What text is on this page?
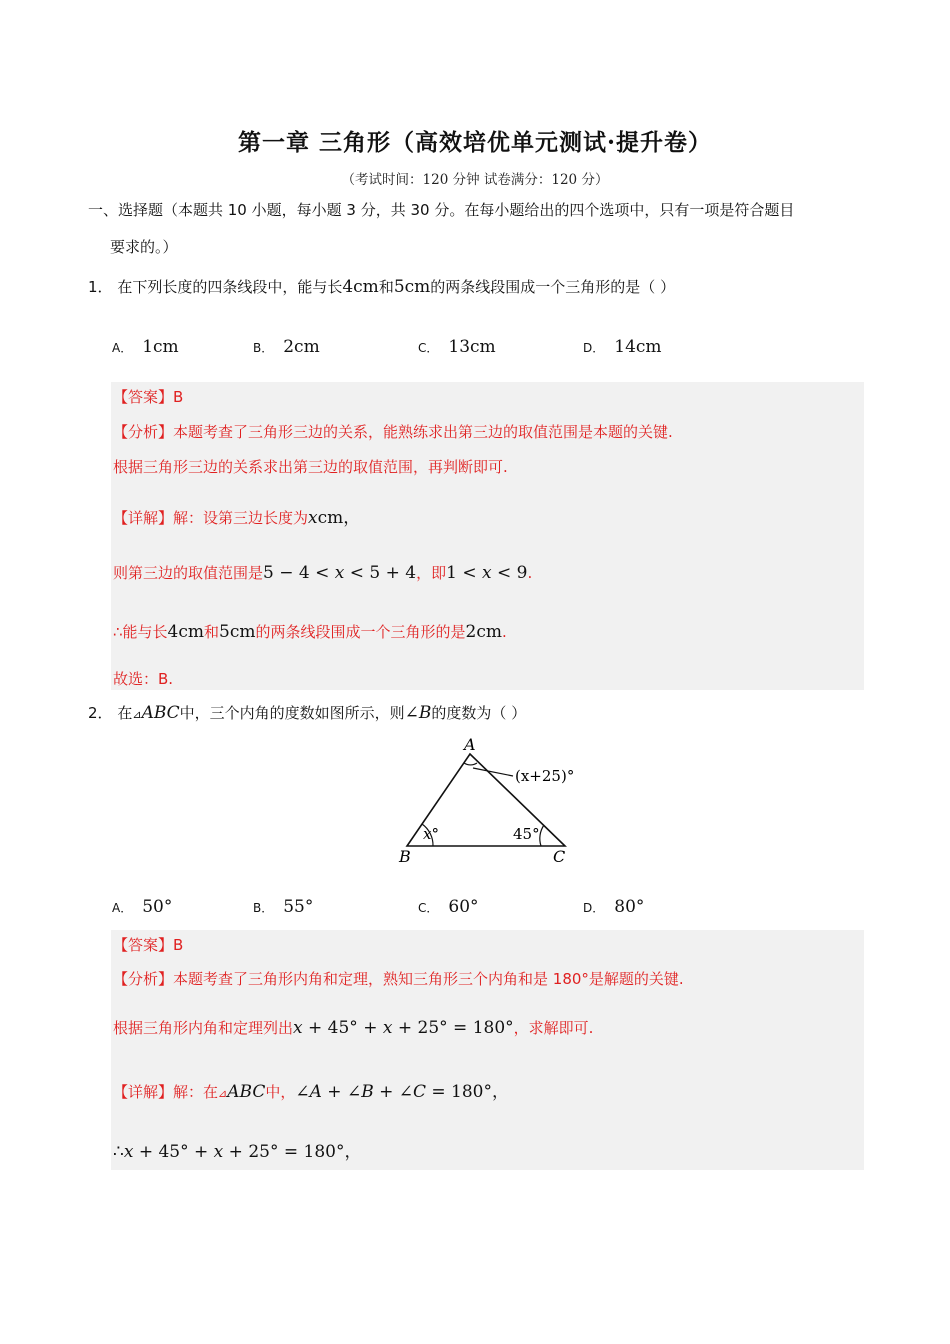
第一章 三角形（高效培优单元测试·提升卷）
（考试时间：120 分钟 试卷满分：120 分）
一、选择题（本题共 10 小题，每小题 3 分，共 30 分。在每小题给出的四个选项中，只有一项是符合题目
要求的。）
1． 在下列长度的四条线段中，能与长4cm和5cm的两条线段围成一个三角形的是（ ）
A． 1cm	B． 2cm	C． 13cm	D． 14cm
【答案】B
【分析】本题考查了三角形三边的关系，能熟练求出第三边的取值范围是本题的关键.
根据三角形三边的关系求出第三边的取值范围，再判断即可.
【详解】解：设第三边长度为xcm，
则第三边的取值范围是5 − 4 < x < 5 + 4，即1 < x < 9.
∴能与长4cm和5cm的两条线段围成一个三角形的是2cm.
故选：B.
2． 在⊿ABC中，三个内角的度数如图所示，则∠B的度数为（ ）
A
B	C
(x+25)°
x°	45°
A． 50°	B． 55°	C． 60°	D． 80°
【答案】B
【分析】本题考查了三角形内角和定理，熟知三角形三个内角和是 180°是解题的关键.
根据三角形内角和定理列出x + 45° + x + 25° = 180°，求解即可.
【详解】解：在⊿ABC中，∠A + ∠B + ∠C = 180°，
∴x + 45° + x + 25° = 180°，
